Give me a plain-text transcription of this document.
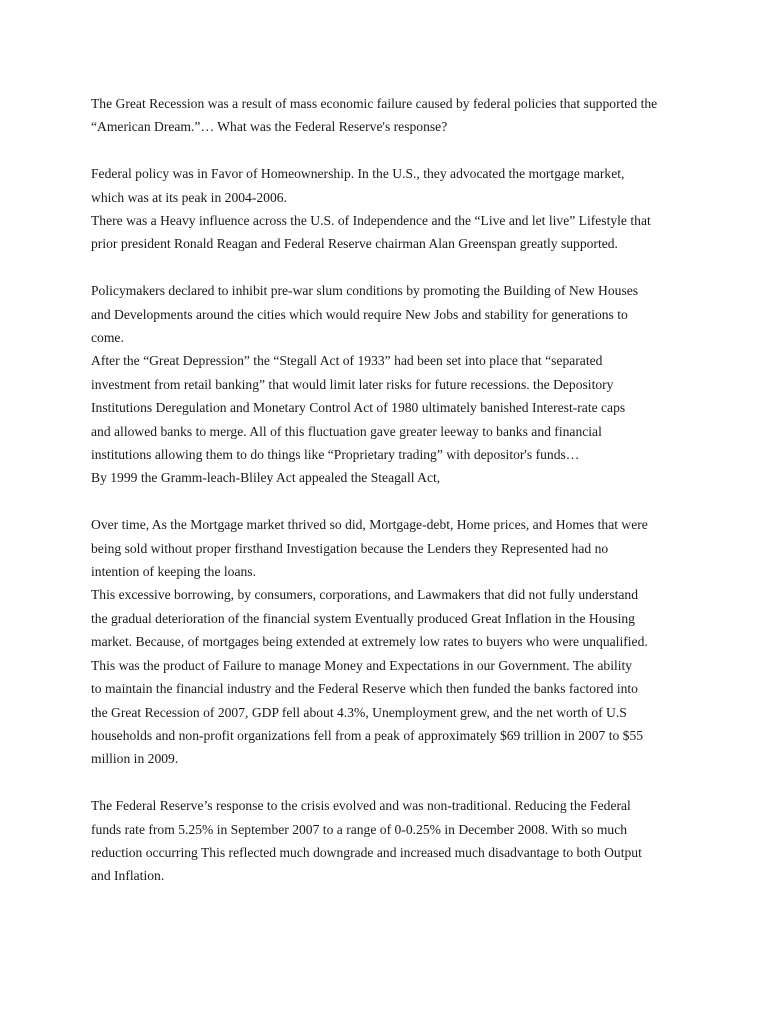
The Great Recession was a result of mass economic failure caused by federal policies that supported the
“American Dream.”… What was the Federal Reserve's response?

Federal policy was in Favor of Homeownership. In the U.S., they advocated the mortgage market,
which was at its peak in 2004-2006.
There was a Heavy influence across the U.S. of Independence and the “Live and let live” Lifestyle that
prior president Ronald Reagan and Federal Reserve chairman Alan Greenspan greatly supported.

Policymakers declared to inhibit pre-war slum conditions by promoting the Building of New Houses
and Developments around the cities which would require New Jobs and stability for generations to
come.
After the “Great Depression” the “Stegall Act of 1933” had been set into place that “separated
investment from retail banking” that would limit later risks for future recessions. the Depository
Institutions Deregulation and Monetary Control Act of 1980 ultimately banished Interest-rate caps
and allowed banks to merge. All of this fluctuation gave greater leeway to banks and financial
institutions allowing them to do things like “Proprietary trading” with depositor's funds…
By 1999 the Gramm-leach-Bliley Act appealed the Steagall Act,

Over time, As the Mortgage market thrived so did, Mortgage-debt, Home prices, and Homes that were
being sold without proper firsthand Investigation because the Lenders they Represented had no
intention of keeping the loans.
This excessive borrowing, by consumers, corporations, and Lawmakers that did not fully understand
the gradual deterioration of the financial system Eventually produced Great Inflation in the Housing
market. Because, of mortgages being extended at extremely low rates to buyers who were unqualified.
This was the product of Failure to manage Money and Expectations in our Government. The ability
to maintain the financial industry and the Federal Reserve which then funded the banks factored into
the Great Recession of 2007, GDP fell about 4.3%, Unemployment grew, and the net worth of U.S
households and non-profit organizations fell from a peak of approximately $69 trillion in 2007 to $55
million in 2009.

The Federal Reserve’s response to the crisis evolved and was non-traditional. Reducing the Federal
funds rate from 5.25% in September 2007 to a range of 0-0.25% in December 2008. With so much
reduction occurring This reflected much downgrade and increased much disadvantage to both Output
and Inflation.
